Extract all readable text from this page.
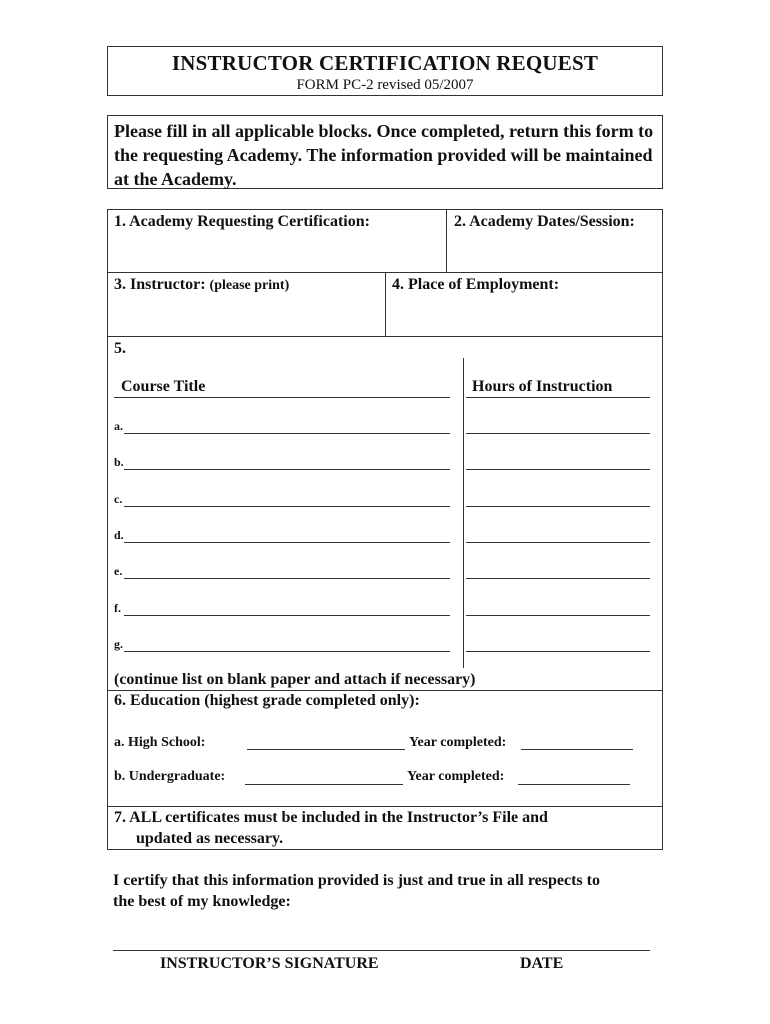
INSTRUCTOR CERTIFICATION REQUEST
FORM PC-2 revised 05/2007
Please fill in all applicable blocks. Once completed, return this form to the requesting Academy. The information provided will be maintained at the Academy.
1. Academy Requesting Certification:	2. Academy Dates/Session:
3. Instructor: (please print)	4. Place of Employment:
5.
Course Title	Hours of Instruction
a.
b.
c.
d.
e.
f.
g.
(continue list on blank paper and attach if necessary)
6. Education (highest grade completed only):
a. High School:	Year completed:
b. Undergraduate:	Year completed:
7. ALL certificates must be included in the Instructor’s File and
updated as necessary.
I certify that this information provided is just and true in all respects to
the best of my knowledge:
INSTRUCTOR’S SIGNATURE	DATE
